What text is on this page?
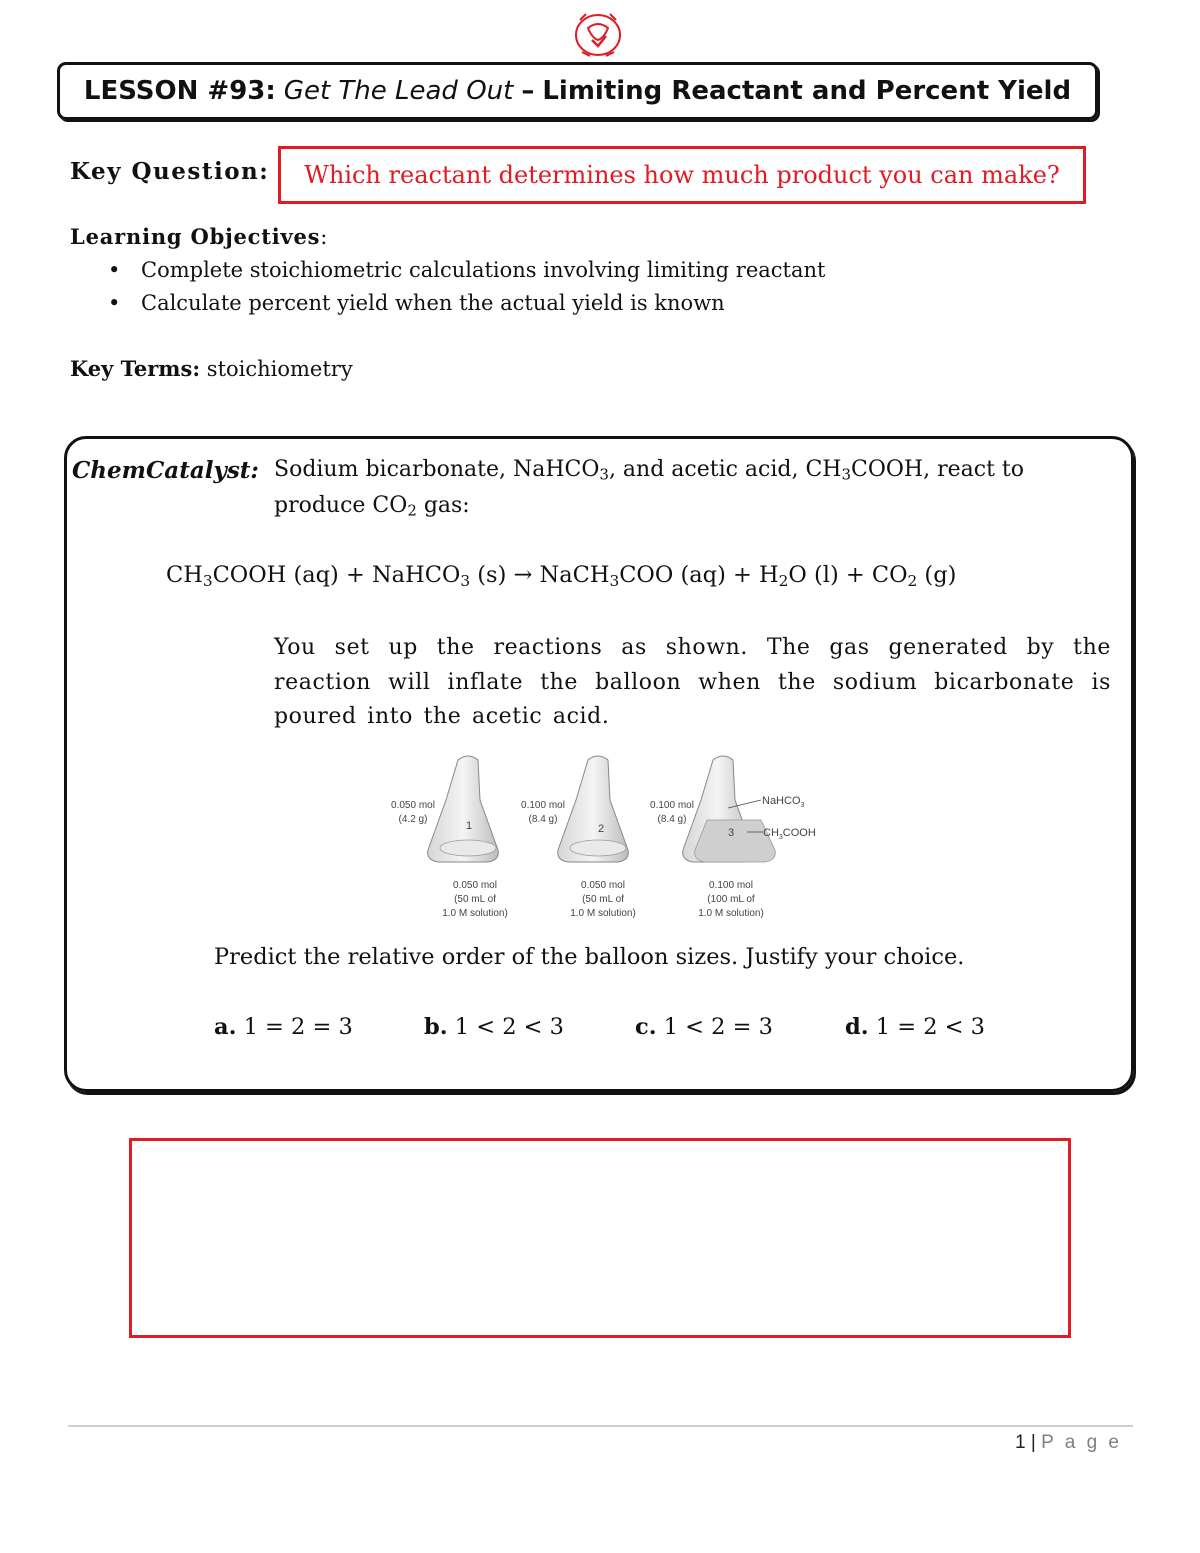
LESSON #93: Get The Lead Out – Limiting Reactant and Percent Yield
Key Question: Which reactant determines how much product you can make?
Learning Objectives:
• Complete stoichiometric calculations involving limiting reactant
• Calculate percent yield when the actual yield is known
Key Terms: stoichiometry
ChemCatalyst: Sodium bicarbonate, NaHCO$_3$, and acetic acid, $CH_3COOH$, react to
produce $CO_2$ gas:
$CH_3COOH$ (aq) + NaHCO$_3$ (s) → NaCH$_3$COO $(aq) + H_2O$ $(l) + CO_2$ (g)
You set up the reactions as shown. The gas generated by the reaction will inflate the balloon when the sodium bicarbonate is poured into the acetic acid.
1
0.050 mol
(4.2 g)
0.050 mol
(50 mL of
1.0 M solution)
2
0.100 mol
(8.4 g)
0.050 mol
(50 mL of
1.0 M solution)
3
0.100 mol
(8.4 g)
0.100 mol
(100 mL of
1.0 M solution)
NaHCO$_3$
$CH_3COOH$
Predict the relative order of the balloon sizes. Justify your choice.
a. 1 = 2 = 3	b. 1 < 2 < 3	c. 1 < 2 = 3	d. 1 = 2 < 3
1 | P a g e
